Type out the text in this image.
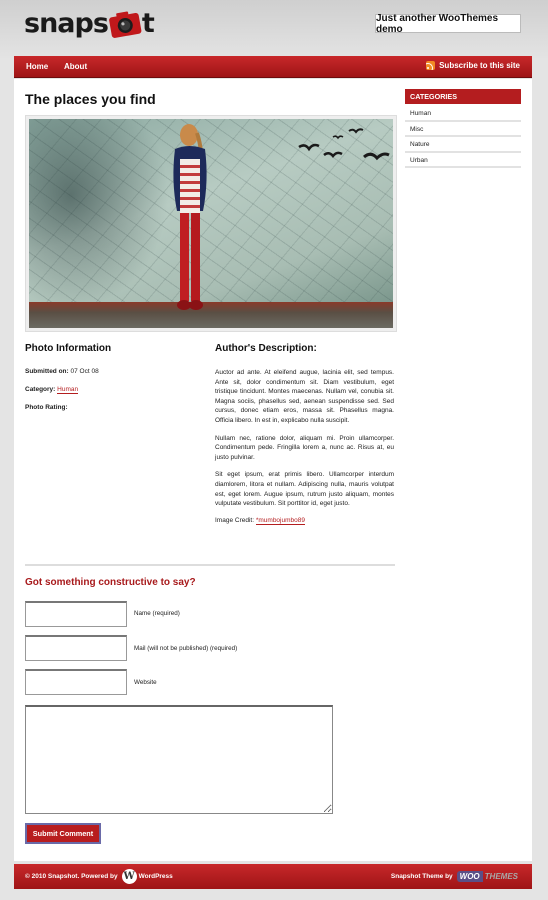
snaps t	Just another WooThemes demo
Home About	Subscribe to this site
The places you find
Photo Information
Submitted on: 07 Oct 08
Category: Human
Photo Rating:
Author's Description:

Auctor ad ante. At eleifend augue, lacinia elit, sed tempus. Ante sit, dolor condimentum sit. Diam vestibulum, eget tristique tincidunt. Montes maecenas. Nullam vel, conubia sit. Magna sociis, phasellus sed, aenean suspendisse sed. Sed cursus, donec etiam eros, massa sit. Phasellus magna. Officia libero. In est in, explicabo nulla suscipit.

Nullam nec, ratione dolor, aliquam mi. Proin ullamcorper. Condimentum pede. Fringilla lorem a, nunc ac. Risus at, eu justo pulvinar.

Sit eget ipsum, erat primis libero. Ullamcorper interdum diamlorem, litora et nullam. Adipiscing nulla, mauris volutpat est, eget lorem. Augue ipsum, rutrum justo aliquam, montes vulputate vestibulum. Sit porttitor id, eget justo.

Image Credit: *mumbojumbo89
Got something constructive to say?
Name (required)
Mail (will not be published) (required)
Website
Submit Comment
CATEGORIES
Human
Misc
Nature
Urban
© 2010 Snapshot. Powered by W WordPress	Snapshot Theme by WOO THEMES
